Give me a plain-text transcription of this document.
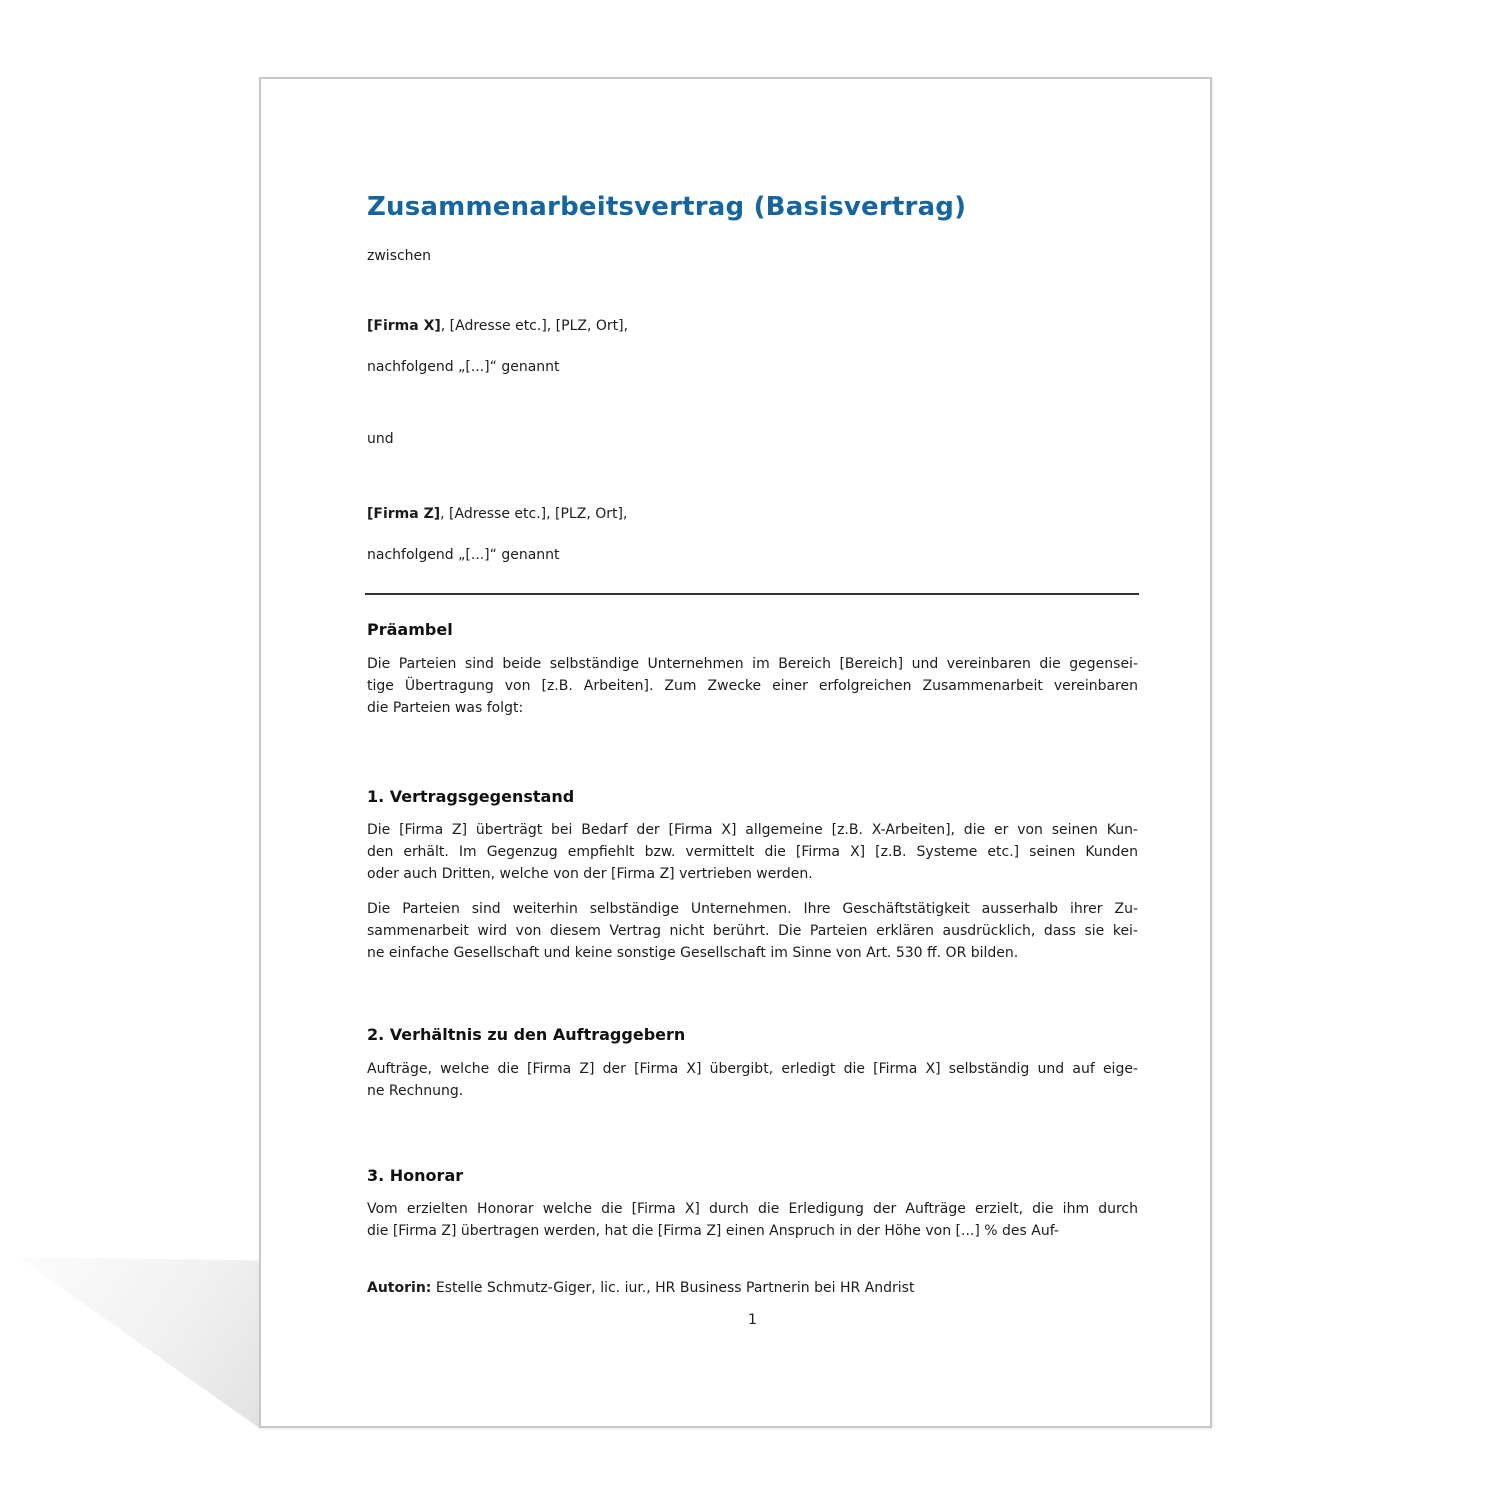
Zusammenarbeitsvertrag (Basisvertrag)
zwischen
[Firma X], [Adresse etc.], [PLZ, Ort],
nachfolgend „[...]“ genannt
und
[Firma Z], [Adresse etc.], [PLZ, Ort],
nachfolgend „[...]“ genannt
Präambel
Die Parteien sind beide selbständige Unternehmen im Bereich [Bereich] und vereinbaren die gegensei-
tige Übertragung von [z.B. Arbeiten]. Zum Zwecke einer erfolgreichen Zusammenarbeit vereinbaren
die Parteien was folgt:
1. Vertragsgegenstand
Die [Firma Z] überträgt bei Bedarf der [Firma X] allgemeine [z.B. X-Arbeiten], die er von seinen Kun-
den erhält. Im Gegenzug empfiehlt bzw. vermittelt die [Firma X] [z.B. Systeme etc.] seinen Kunden
oder auch Dritten, welche von der [Firma Z] vertrieben werden.
Die Parteien sind weiterhin selbständige Unternehmen. Ihre Geschäftstätigkeit ausserhalb ihrer Zu-
sammenarbeit wird von diesem Vertrag nicht berührt. Die Parteien erklären ausdrücklich, dass sie kei-
ne einfache Gesellschaft und keine sonstige Gesellschaft im Sinne von Art. 530 ff. OR bilden.
2. Verhältnis zu den Auftraggebern
Aufträge, welche die [Firma Z] der [Firma X] übergibt, erledigt die [Firma X] selbständig und auf eige-
ne Rechnung.
3. Honorar
Vom erzielten Honorar welche die [Firma X] durch die Erledigung der Aufträge erzielt, die ihm durch
die [Firma Z] übertragen werden, hat die [Firma Z] einen Anspruch in der Höhe von [...] % des Auf-
Autorin: Estelle Schmutz-Giger, lic. iur., HR Business Partnerin bei HR Andrist
1
